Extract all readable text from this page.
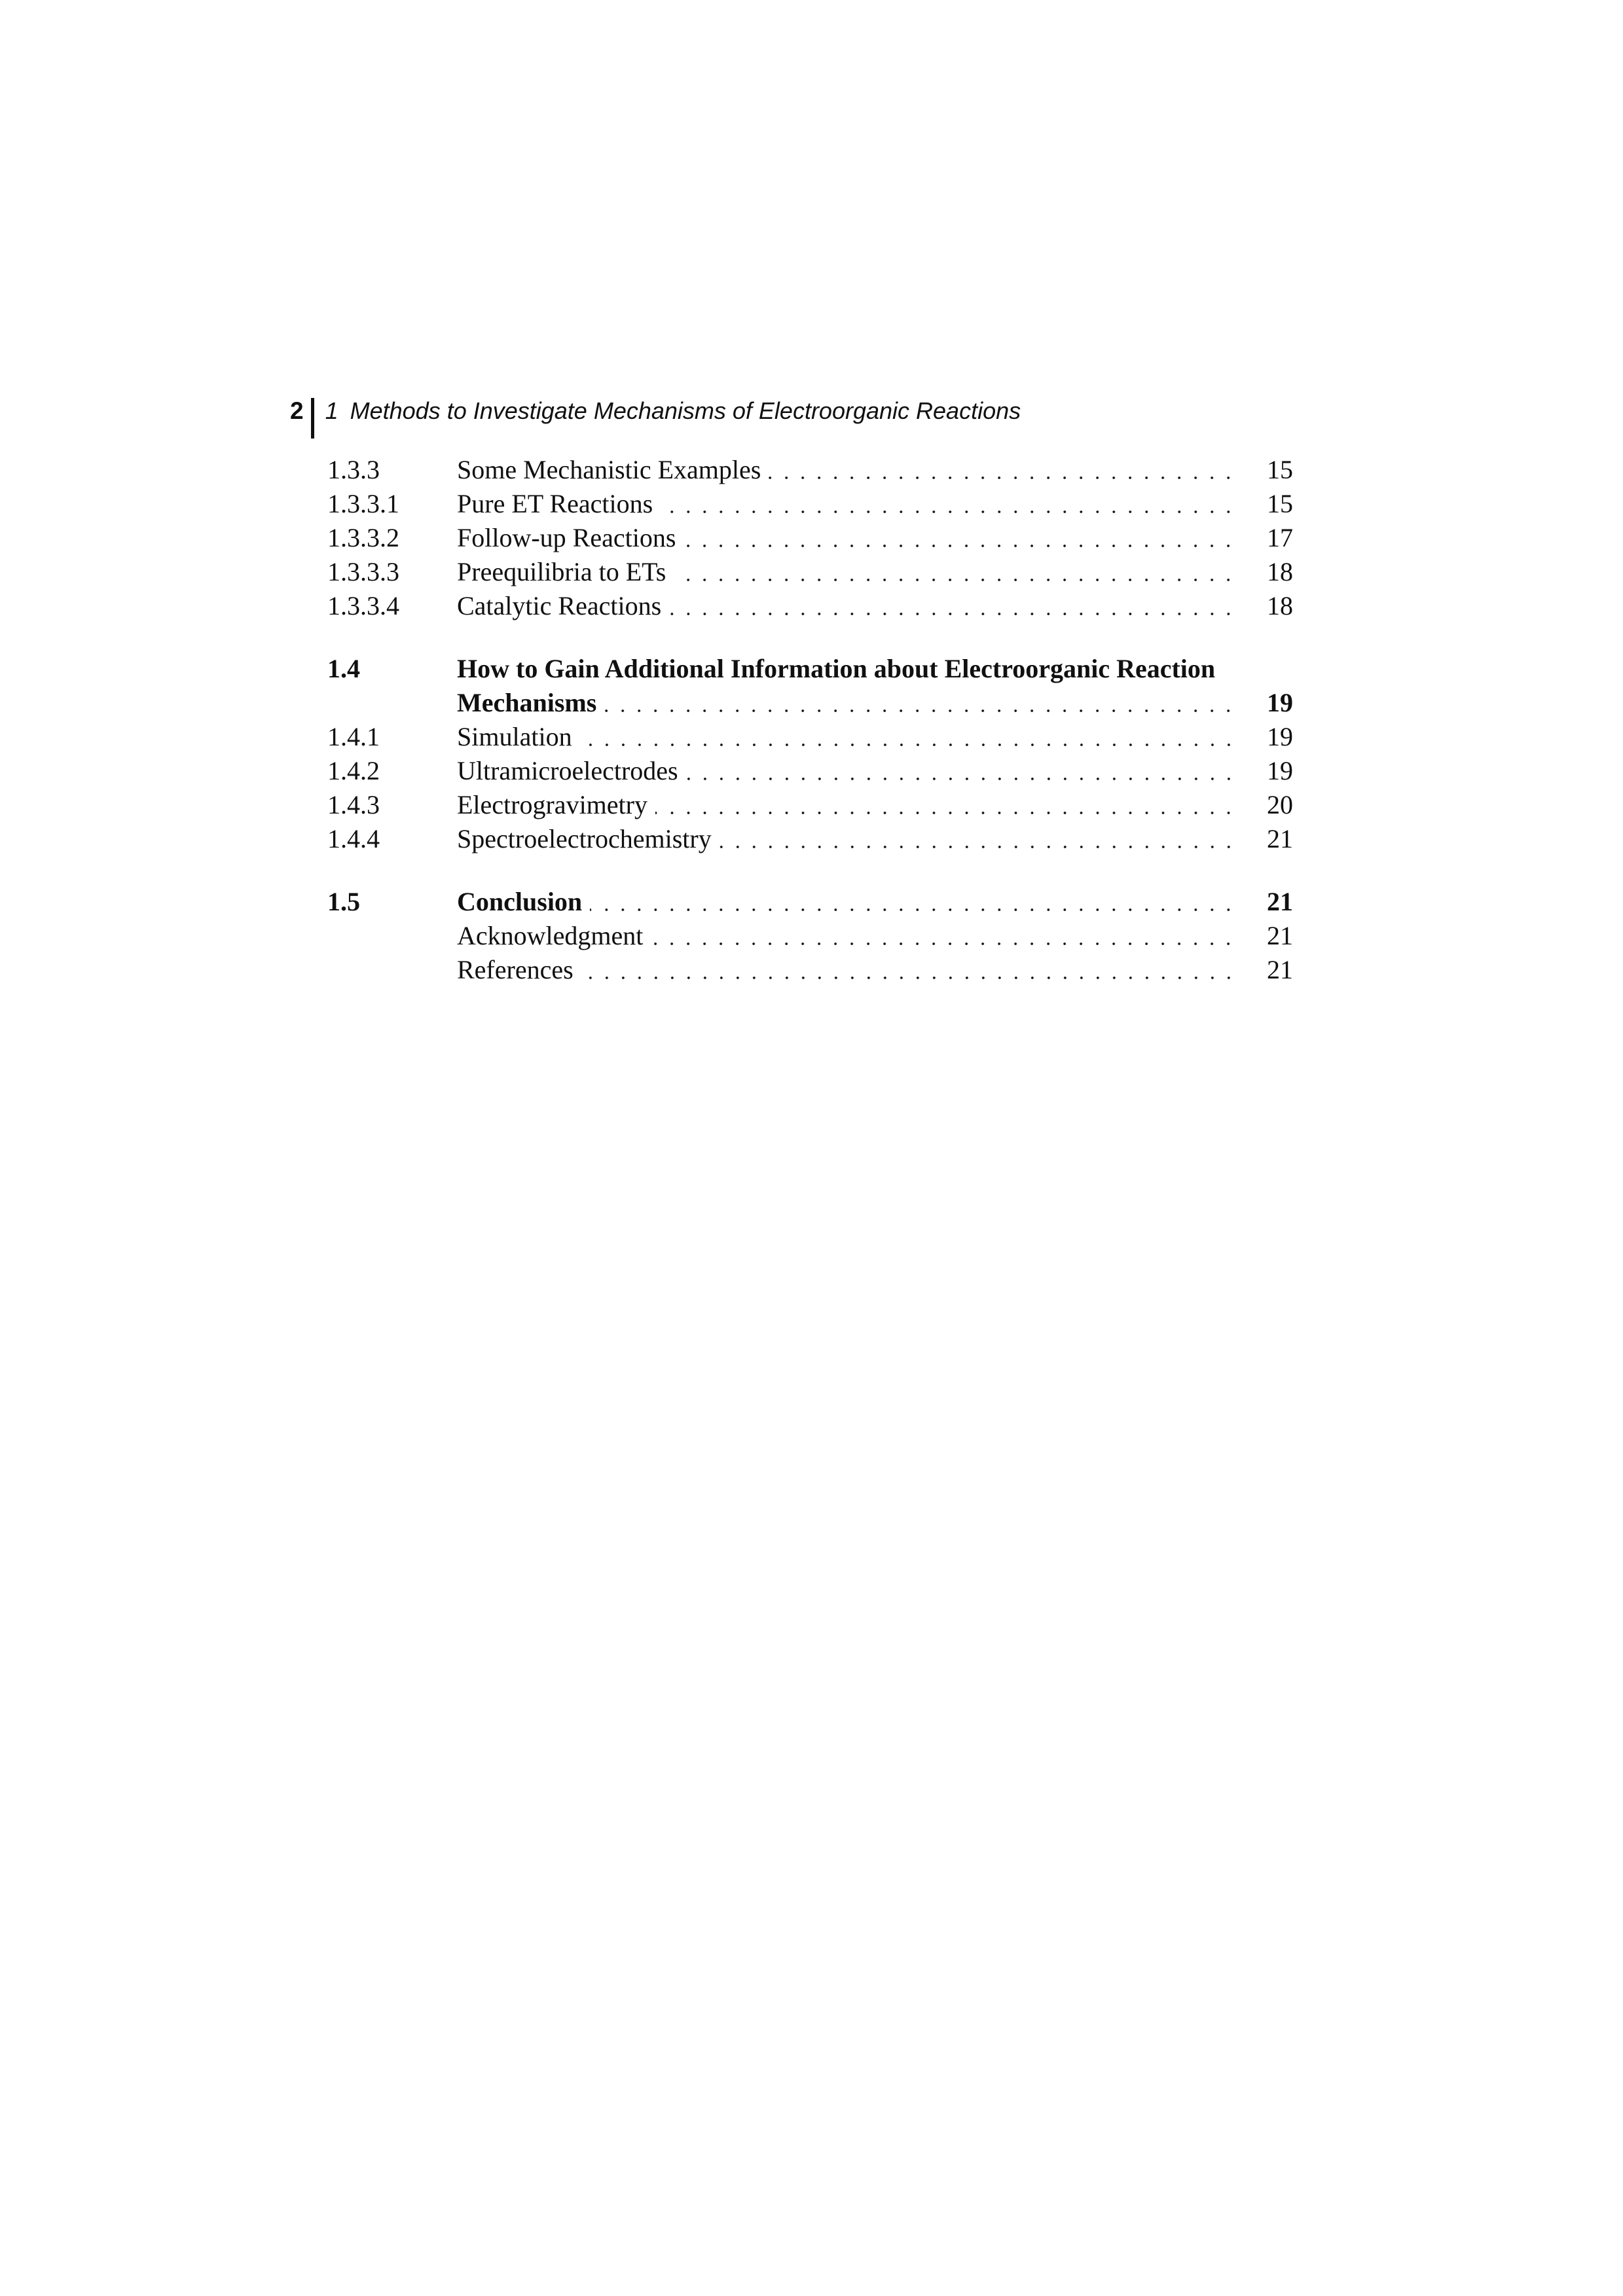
2 1 Methods to Investigate Mechanisms of Electroorganic Reactions
1.3.3	Some Mechanistic Examples	15
1.3.3.1	Pure ET Reactions	15
1.3.3.2	Follow-up Reactions	17
1.3.3.3	Preequilibria to ETs	18
1.3.3.4	Catalytic Reactions	18
1.4	How to Gain Additional Information about Electroorganic Reaction
Mechanisms	19
1.4.1	Simulation	19
1.4.2	Ultramicroelectrodes	19
1.4.3	Electrogravimetry	20
1.4.4	Spectroelectrochemistry	21
1.5	Conclusion	21
Acknowledgment	21
References	21
